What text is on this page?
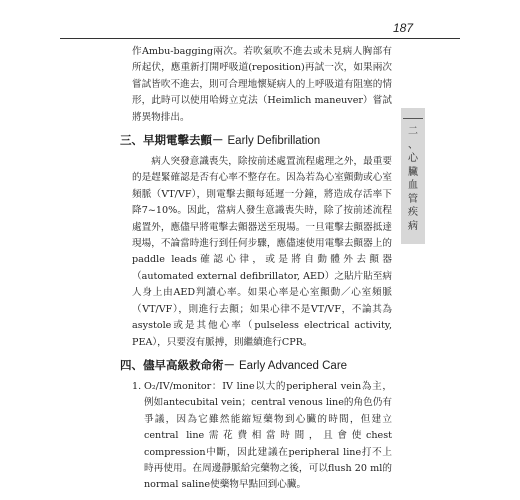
187
二
、
心
臟
血
管
疾
病

作Ambu-bagging兩次。若吹氣吹不進去或未見病人胸部有所起伏，應重新打開呼吸道(reposition)再試一次，如果兩次嘗試皆吹不進去，則可合理地懷疑病人的上呼吸道有阻塞的情形，此時可以使用哈姆立克法（Heimlich maneuver）嘗試將異物排出。

三、早期電擊去顫－ Early Defibrillation

病人突發意識喪失，除按前述處置流程處理之外，最重要的是趕緊確認是否有心率不整存在。因為若為心室顫動或心室頻脈（VT/VF），則電擊去顫每延遲一分鐘，將造成存活率下降7~10%。因此，當病人發生意識喪失時，除了按前述流程處置外，應儘早將電擊去顫器送至現場。一旦電擊去顫器抵達現場，不論當時進行到任何步驟，應儘速使用電擊去顫器上的paddle leads確認心律，或是將自動體外去顫器（automated external defibrillator, AED）之貼片貼至病人身上由AED判讀心率。如果心率是心室顫動／心室頻脈（VT/VF），則進行去顫；如果心律不是VT/VF，不論其為asystole或是其他心率（pulseless electrical activity, PEA），只要沒有脈搏，則繼續進行CPR。

四、儘早高級救命術－ Early Advanced Care
1. O₂/IV/monitor：IV line以大的peripheral vein為主，例如antecubital vein；central venous line的角色仍有爭議，因為它雖然能縮短藥物到心臟的時間，但建立central line需花費相當時間，且會使chest compression中斷，因此建議在peripheral line打不上時再使用。在周邊靜脈給完藥物之後，可以flush 20 ml的normal saline使藥物早點回到心臟。
